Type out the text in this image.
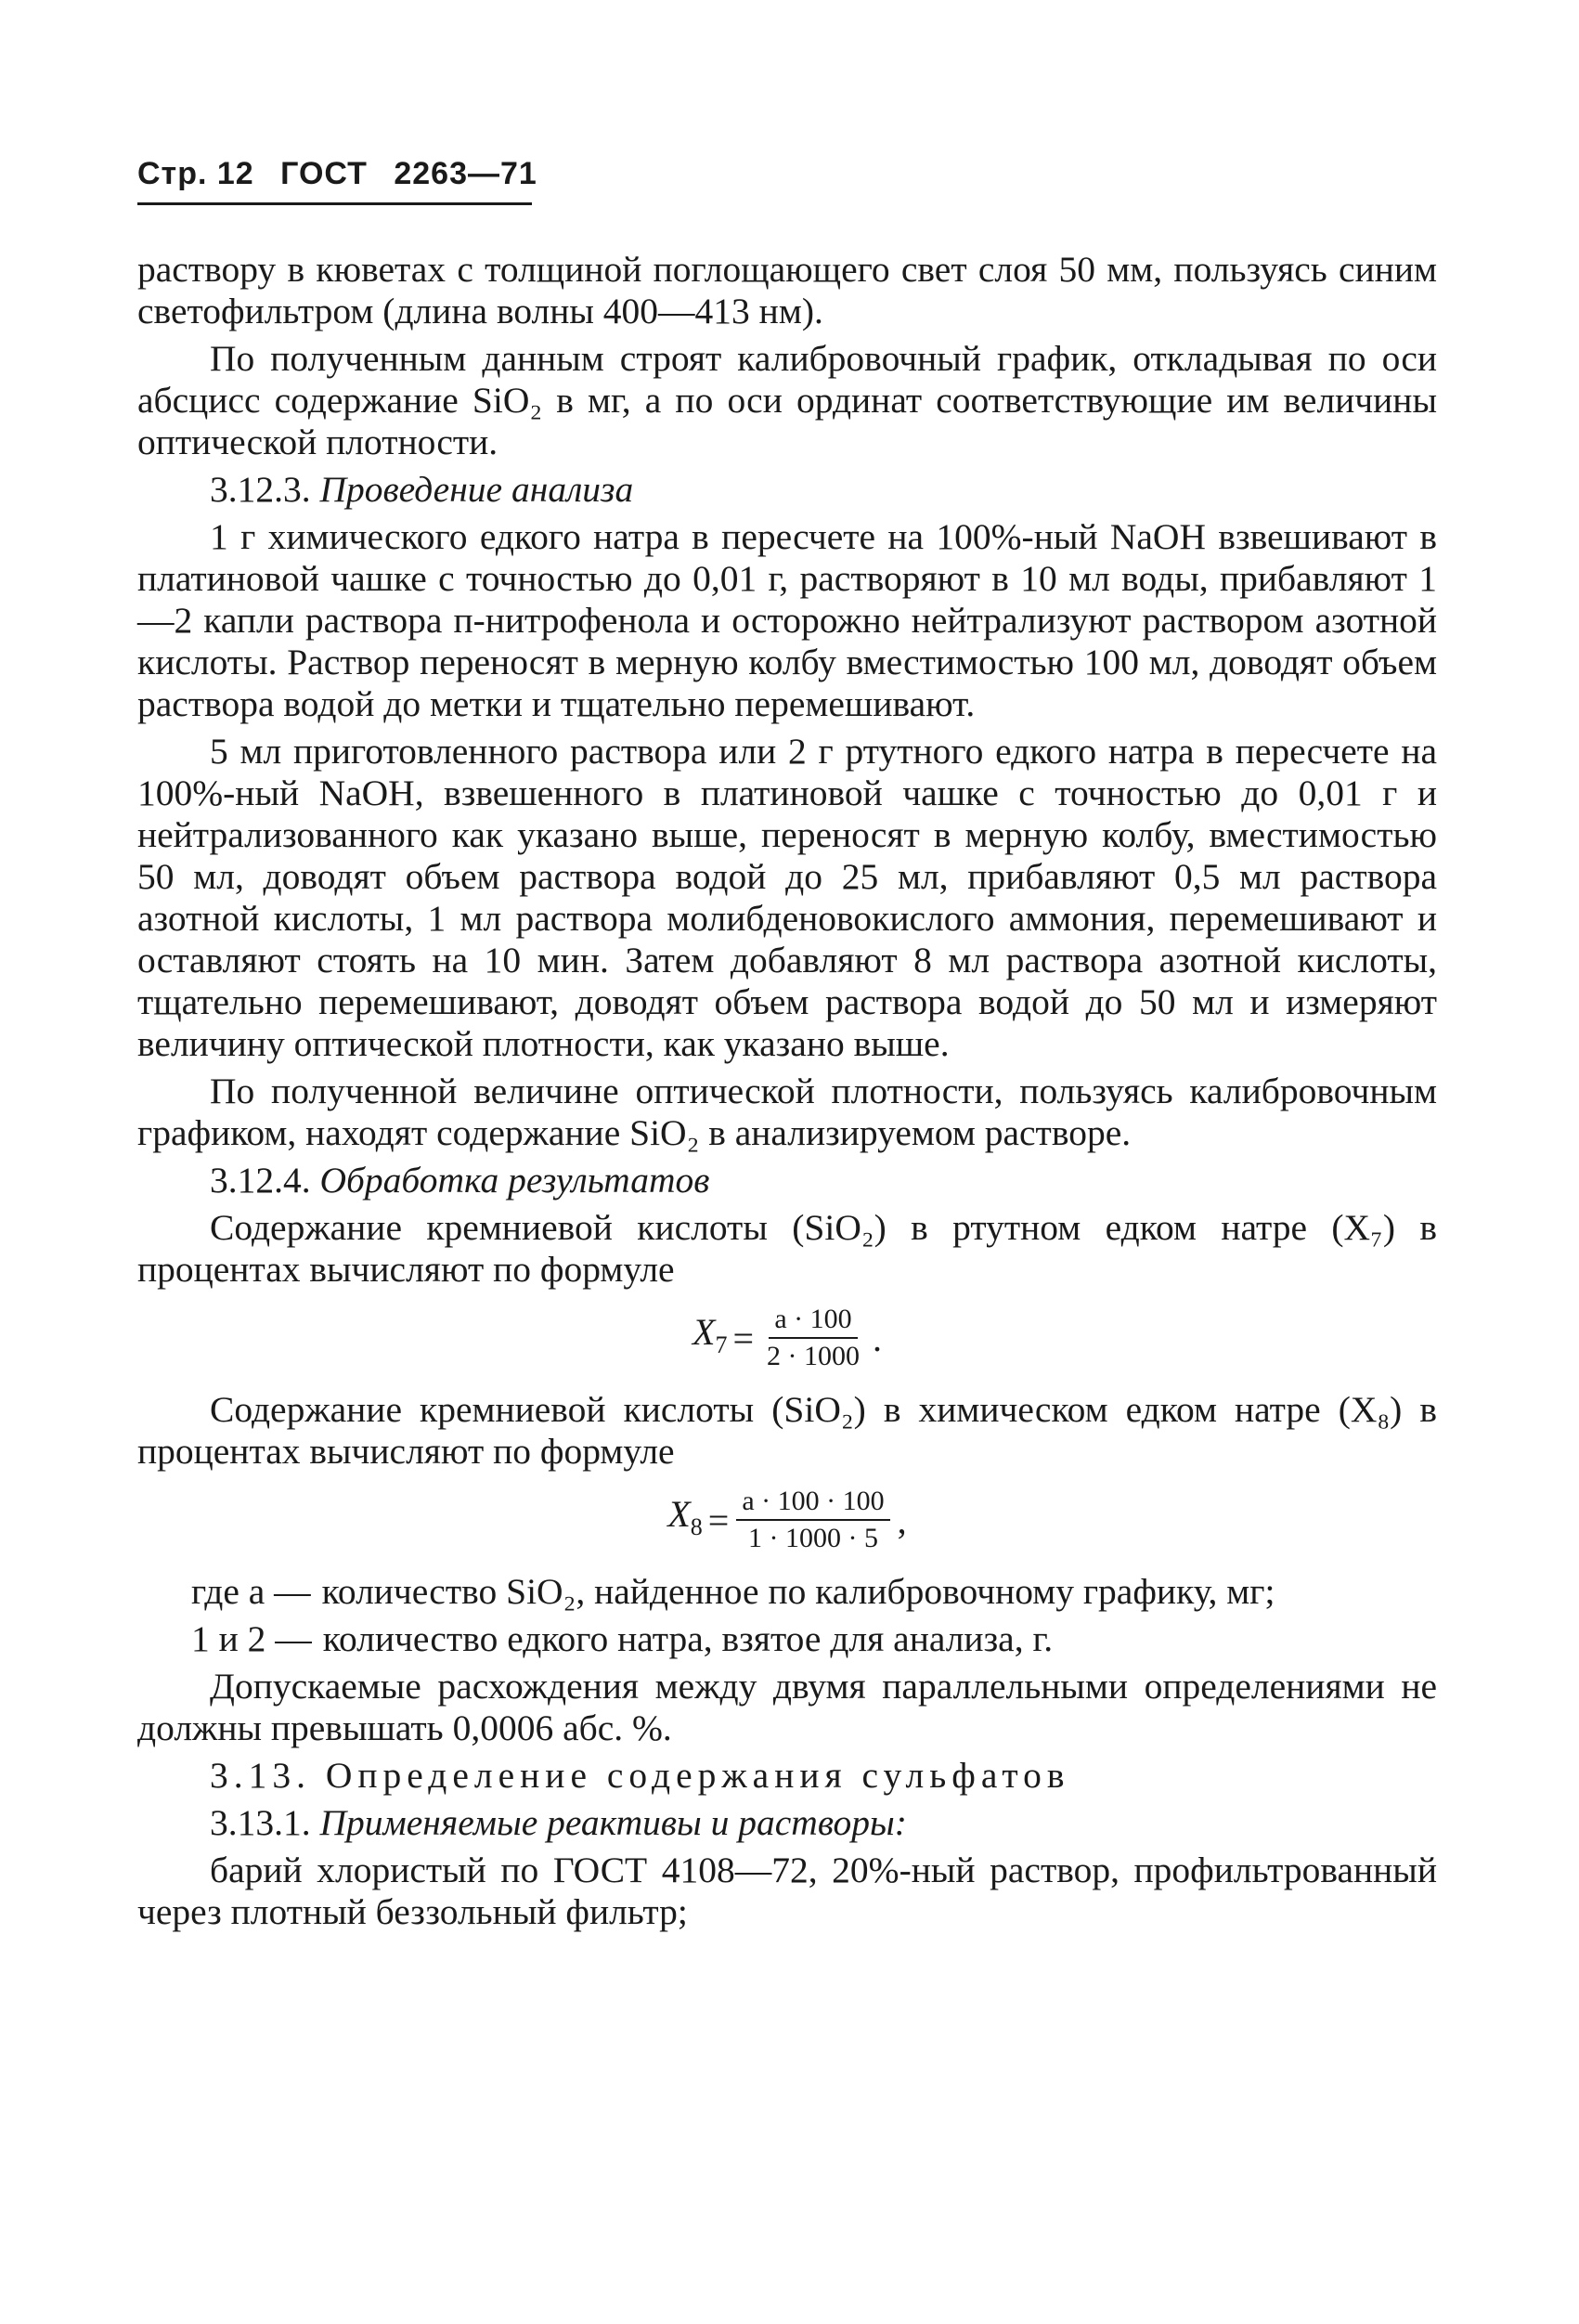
Стр. 12 ГОСТ 2263—71

раствору в кюветах с толщиной поглощающего свет слоя 50 мм, пользуясь синим светофильтром (длина волны 400—413 нм).

По полученным данным строят калибровочный график, откладывая по оси абсцисс содержание SiO₂ в мг, а по оси ординат соответствующие им величины оптической плотности.

3.12.3. Проведение анализа

1 г химического едкого натра в пересчете на 100%-ный NaOH взвешивают в платиновой чашке с точностью до 0,01 г, растворяют в 10 мл воды, прибавляют 1—2 капли раствора п-нитрофенола и осторожно нейтрализуют раствором азотной кислоты. Раствор переносят в мерную колбу вместимостью 100 мл, доводят объем раствора водой до метки и тщательно перемешивают.

5 мл приготовленного раствора или 2 г ртутного едкого натра в пересчете на 100%-ный NaOH, взвешенного в платиновой чашке с точностью до 0,01 г и нейтрализованного как указано выше, переносят в мерную колбу, вместимостью 50 мл, доводят объем раствора водой до 25 мл, прибавляют 0,5 мл раствора азотной кислоты, 1 мл раствора молибденовокислого аммония, перемешивают и оставляют стоять на 10 мин. Затем добавляют 8 мл раствора азотной кислоты, тщательно перемешивают, доводят объем раствора водой до 50 мл и измеряют величину оптической плотности, как указано выше.

По полученной величине оптической плотности, пользуясь калибровочным графиком, находят содержание SiO₂ в анализируемом растворе.

3.12.4. Обработка результатов

Содержание кремниевой кислоты (SiO₂) в ртутном едком натре (X₇) в процентах вычисляют по формуле

$X_7 = \frac{a \cdot 100}{2 \cdot 1000}$ .

Содержание кремниевой кислоты (SiO₂) в химическом едком натре (X₈) в процентах вычисляют по формуле

$X_8 = \frac{a \cdot 100 \cdot 100}{1 \cdot 1000 \cdot 5}$ ,
где a — количество SiO₂, найденное по калибровочному графику, мг;
1 и 2 — количество едкого натра, взятое для анализа, г.

Допускаемые расхождения между двумя параллельными определениями не должны превышать 0,0006 абс. %.

3.13. Определение содержания сульфатов

3.13.1. Применяемые реактивы и растворы:

барий хлористый по ГОСТ 4108—72, 20%-ный раствор, профильтрованный через плотный беззольный фильтр;
